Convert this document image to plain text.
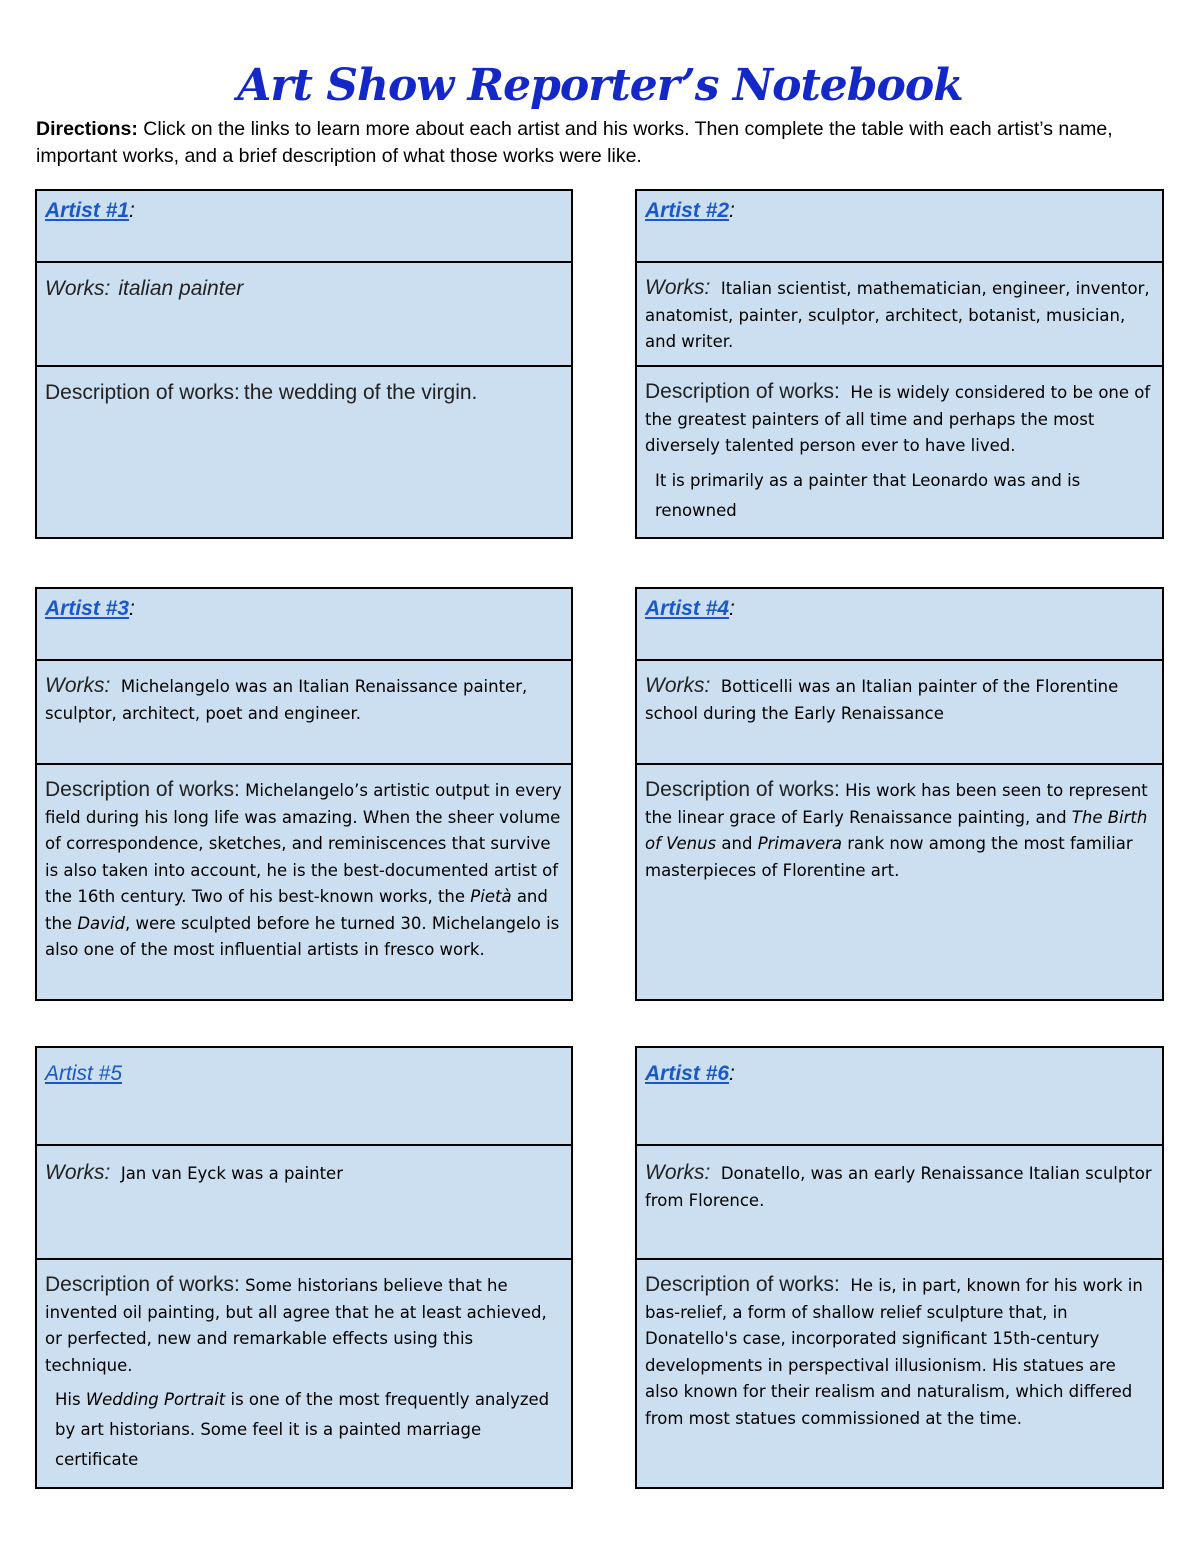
Art Show Reporter’s Notebook
Directions: Click on the links to learn more about each artist and his works. Then complete the table with each artist’s name, important works, and a brief description of what those works were like.
Artist #1:
Works: italian painter
Description of works: the wedding of the virgin.
Artist #2:

Works: Italian scientist, mathematician, engineer, inventor, anatomist, painter, sculptor, architect, botanist, musician, and writer.

Description of works: He is widely considered to be one of the greatest painters of all time and perhaps the most diversely talented person ever to have lived.

It is primarily as a painter that Leonardo was and is renowned

Artist #3:

Works: Michelangelo was an Italian Renaissance painter, sculptor, architect, poet and engineer.

Description of works: Michelangelo’s artistic output in every field during his long life was amazing. When the sheer volume of correspondence, sketches, and reminiscences that survive is also taken into account, he is the best-documented artist of the 16th century. Two of his best-known works, the Pietà and the David, were sculpted before he turned 30. Michelangelo is also one of the most influential artists in fresco work.

Artist #4:

Works: Botticelli was an Italian painter of the Florentine school during the Early Renaissance

Description of works: His work has been seen to represent the linear grace of Early Renaissance painting, and The Birth of Venus and Primavera rank now among the most familiar masterpieces of Florentine art.

Artist #5

Works: Jan van Eyck was a painter

Description of works: Some historians believe that he invented oil painting, but all agree that he at least achieved, or perfected, new and remarkable effects using this technique.

His Wedding Portrait is one of the most frequently analyzed by art historians. Some feel it is a painted marriage certificate

Artist #6:

Works: Donatello, was an early Renaissance Italian sculptor from Florence.

Description of works: He is, in part, known for his work in bas-relief, a form of shallow relief sculpture that, in Donatello's case, incorporated significant 15th-century developments in perspectival illusionism. His statues are also known for their realism and naturalism, which differed from most statues commissioned at the time.
